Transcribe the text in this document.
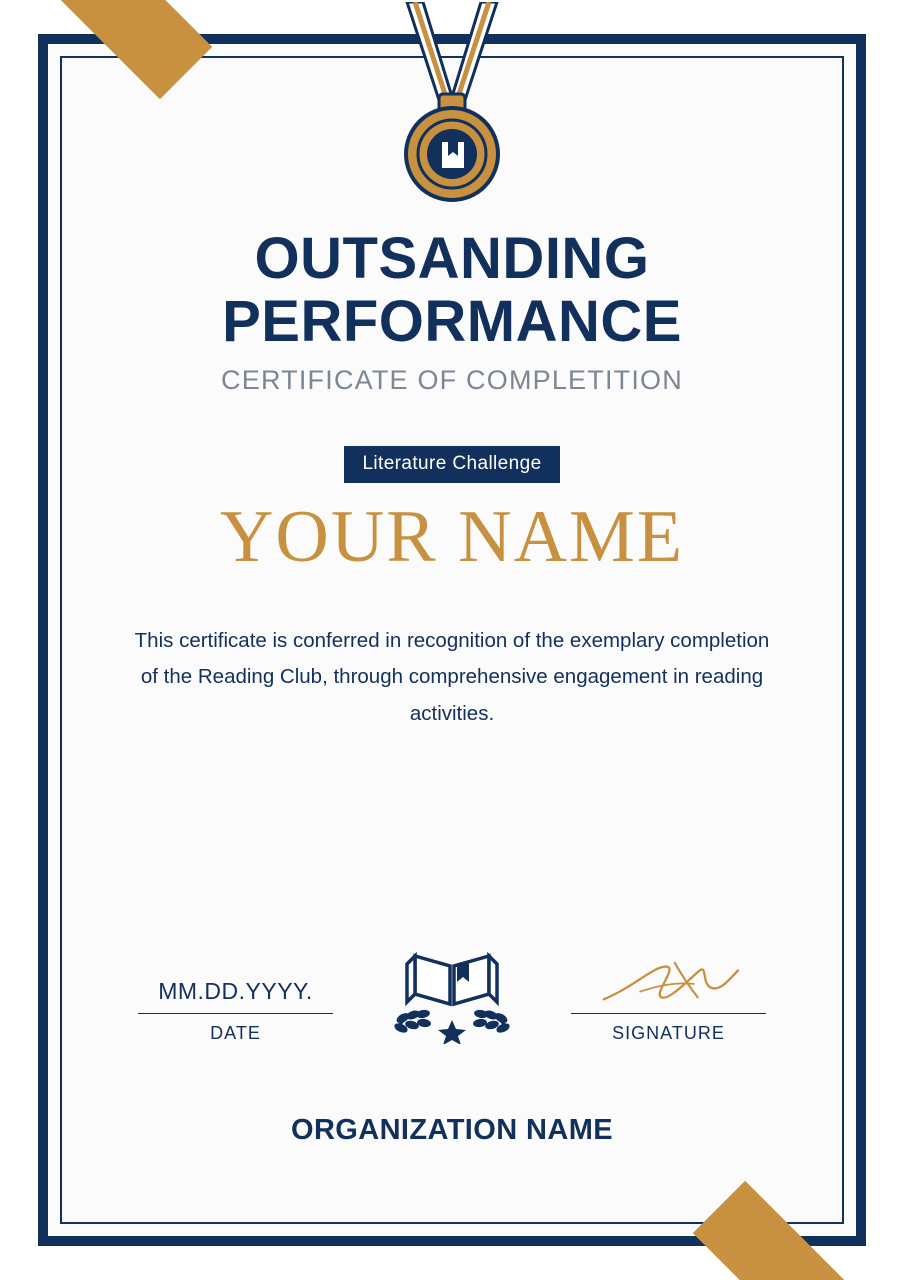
OUTSANDING
PERFORMANCE
CERTIFICATE OF COMPLETITION
Literature Challenge
YOUR NAME
This certificate is conferred in recognition of the exemplary completion of the Reading Club, through comprehensive engagement in reading activities.
MM.DD.YYYY.
DATE	SIGNATURE
ORGANIZATION NAME
